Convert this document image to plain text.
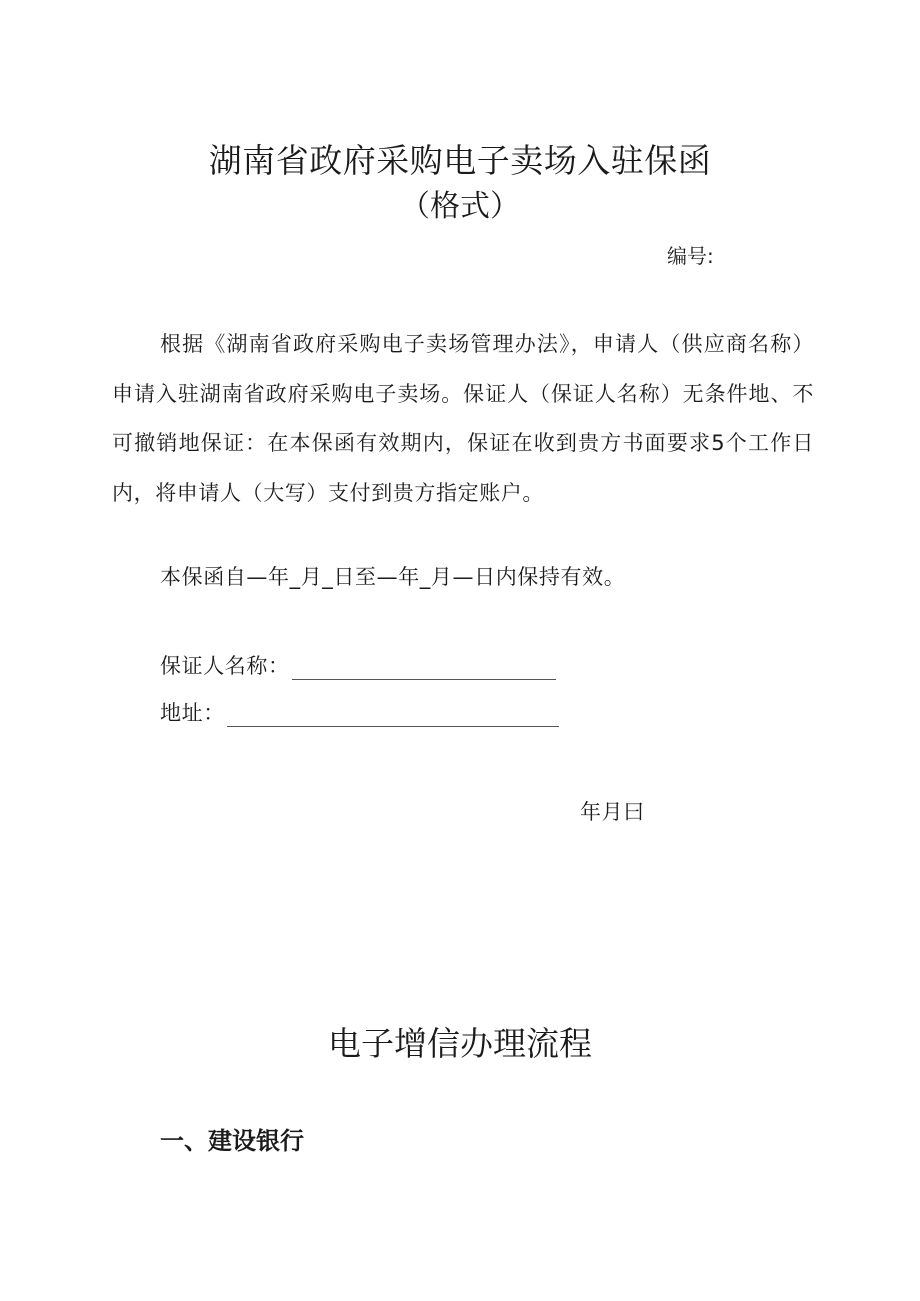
湖南省政府采购电子卖场入驻保函
（格式）
编号:
根据《湖南省政府采购电子卖场管理办法》，申请人（供应商名称）申请入驻湖南省政府采购电子卖场。保证人（保证人名称）无条件地、不可撤销地保证：在本保函有效期内，保证在收到贵方书面要求5个工作日内，将申请人（大写）支付到贵方指定账户。
本保函自—年_月_日至—年_月—日内保持有效。
保证人名称：
地址：
年月曰
电子增信办理流程
一、建设银行
